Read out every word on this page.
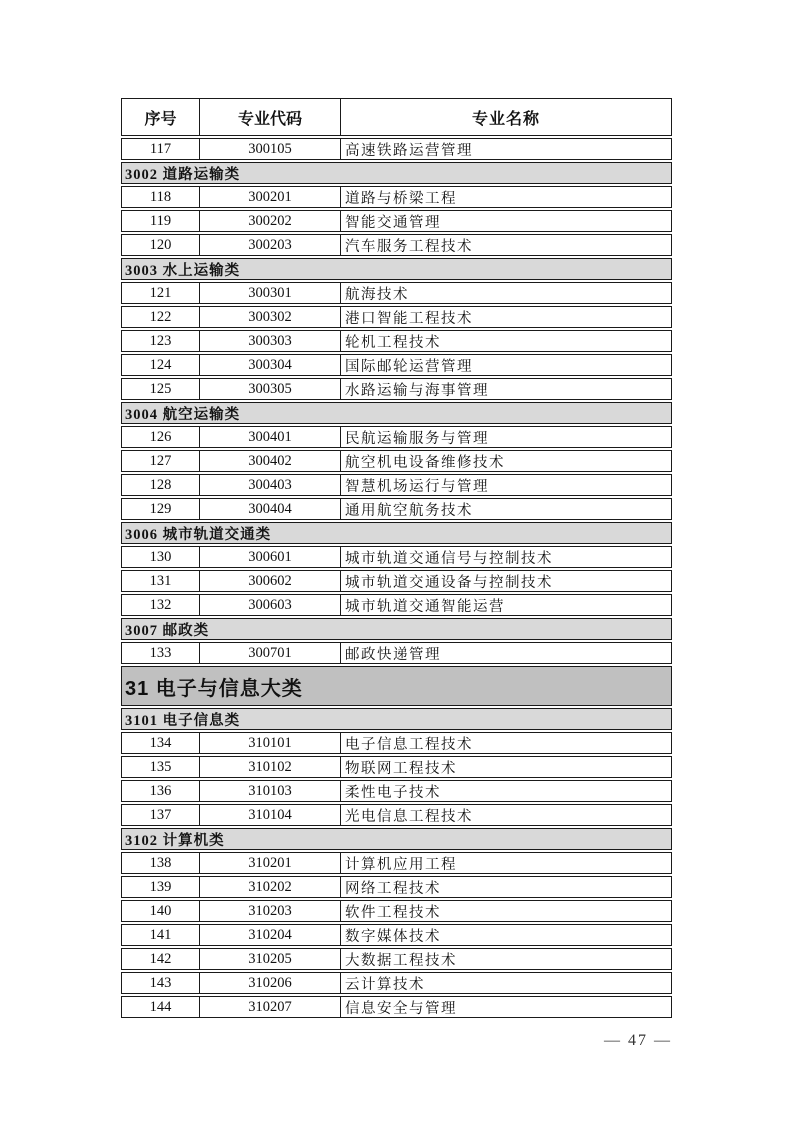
序号	专业代码	专业名称
117	300105	高速铁路运营管理
3002 道路运输类
118	300201	道路与桥梁工程
119	300202	智能交通管理
120	300203	汽车服务工程技术
3003 水上运输类
121	300301	航海技术
122	300302	港口智能工程技术
123	300303	轮机工程技术
124	300304	国际邮轮运营管理
125	300305	水路运输与海事管理
3004 航空运输类
126	300401	民航运输服务与管理
127	300402	航空机电设备维修技术
128	300403	智慧机场运行与管理
129	300404	通用航空航务技术
3006 城市轨道交通类
130	300601	城市轨道交通信号与控制技术
131	300602	城市轨道交通设备与控制技术
132	300603	城市轨道交通智能运营
3007 邮政类
133	300701	邮政快递管理
31 电子与信息大类
3101 电子信息类
134	310101	电子信息工程技术
135	310102	物联网工程技术
136	310103	柔性电子技术
137	310104	光电信息工程技术
3102 计算机类
138	310201	计算机应用工程
139	310202	网络工程技术
140	310203	软件工程技术
141	310204	数字媒体技术
142	310205	大数据工程技术
143	310206	云计算技术
144	310207	信息安全与管理
— 47 —
